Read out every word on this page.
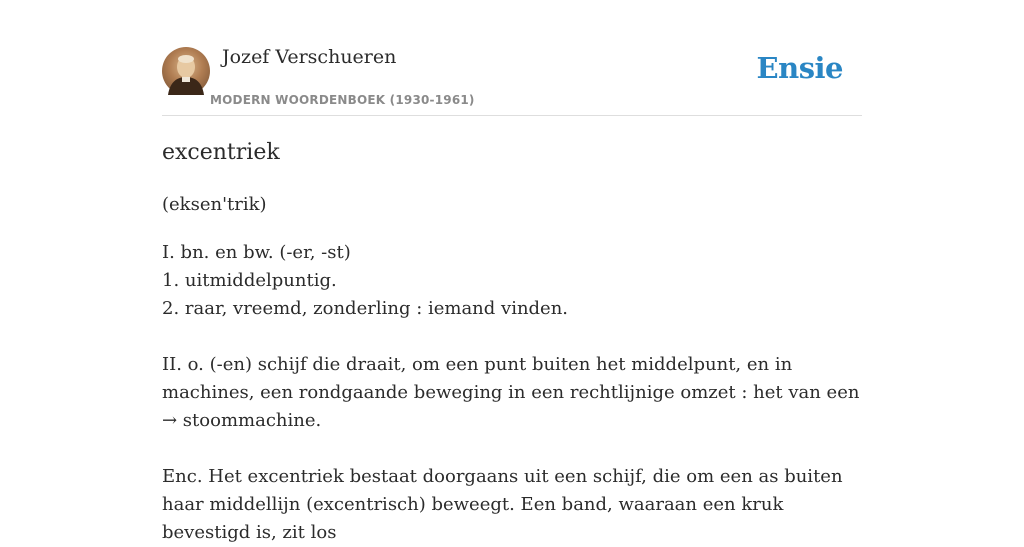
Jozef Verschueren
MODERN WOORDENBOEK (1930-1961)
Ensie
excentriek
(eksen'trik)

I. bn. en bw. (-er, -st)

1. uitmiddelpuntig.

2. raar, vreemd, zonderling : iemand vinden.

II. o. (-en) schijf die draait, om een punt buiten het middelpunt, en in machines, een rondgaande beweging in een rechtlijnige omzet : het van een → stoommachine.

Enc. Het excentriek bestaat doorgaans uit een schijf, die om een as buiten haar middellijn (excentrisch) beweegt. Een band, waaraan een kruk bevestigd is, zit los
